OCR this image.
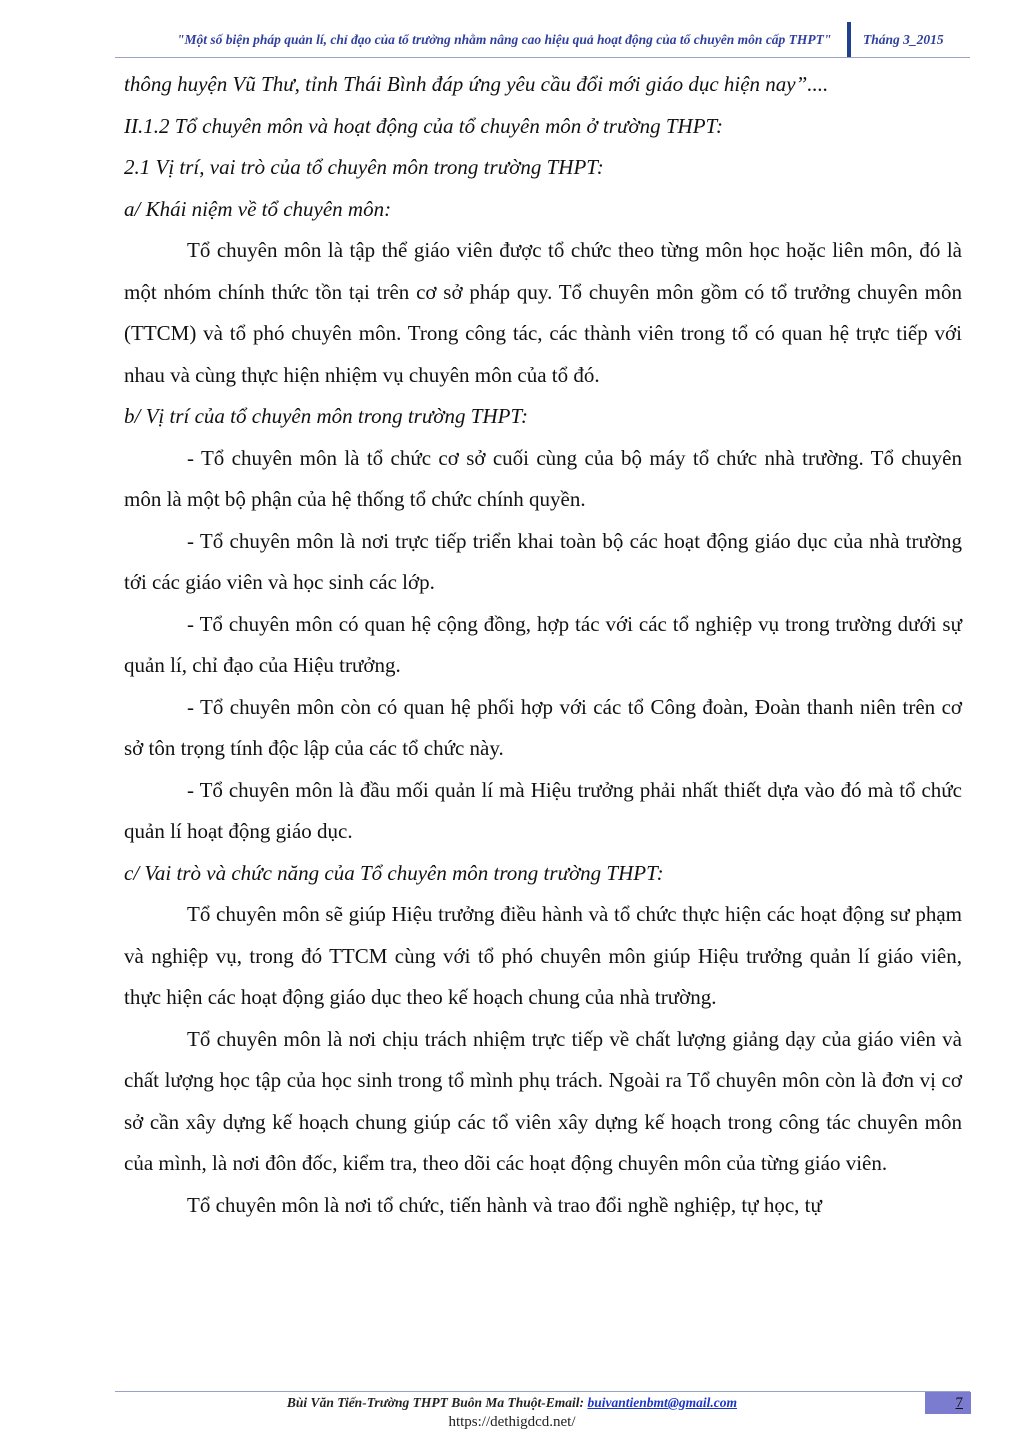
"Một số biện pháp quản lí, chỉ đạo của tổ trưởng nhằm nâng cao hiệu quả hoạt động của tổ chuyên môn cấp THPT" Tháng 3_2015

thông huyện Vũ Thư, tỉnh Thái Bình đáp ứng yêu cầu đổi mới giáo dục hiện nay”....

II.1.2 Tổ chuyên môn và hoạt động của tổ chuyên môn ở trường THPT:

2.1 Vị trí, vai trò của tổ chuyên môn trong trường THPT:

a/ Khái niệm về tổ chuyên môn:

Tổ chuyên môn là tập thể giáo viên được tổ chức theo từng môn học hoặc liên môn, đó là một nhóm chính thức tồn tại trên cơ sở pháp quy. Tổ chuyên môn gồm có tổ trưởng chuyên môn (TTCM) và tổ phó chuyên môn. Trong công tác, các thành viên trong tổ có quan hệ trực tiếp với nhau và cùng thực hiện nhiệm vụ chuyên môn của tổ đó.

b/ Vị trí của tổ chuyên môn trong trường THPT:

- Tổ chuyên môn là tổ chức cơ sở cuối cùng của bộ máy tổ chức nhà trường. Tổ chuyên môn là một bộ phận của hệ thống tổ chức chính quyền.

- Tổ chuyên môn là nơi trực tiếp triển khai toàn bộ các hoạt động giáo dục của nhà trường tới các giáo viên và học sinh các lớp.

- Tổ chuyên môn có quan hệ cộng đồng, hợp tác với các tổ nghiệp vụ trong trường dưới sự quản lí, chỉ đạo của Hiệu trưởng.

- Tổ chuyên môn còn có quan hệ phối hợp với các tổ Công đoàn, Đoàn thanh niên trên cơ sở tôn trọng tính độc lập của các tổ chức này.

- Tổ chuyên môn là đầu mối quản lí mà Hiệu trưởng phải nhất thiết dựa vào đó mà tổ chức quản lí hoạt động giáo dục.

c/ Vai trò và chức năng của Tổ chuyên môn trong trường THPT:

Tổ chuyên môn sẽ giúp Hiệu trưởng điều hành và tổ chức thực hiện các hoạt động sư phạm và nghiệp vụ, trong đó TTCM cùng với tổ phó chuyên môn giúp Hiệu trưởng quản lí giáo viên, thực hiện các hoạt động giáo dục theo kế hoạch chung của nhà trường.

Tổ chuyên môn là nơi chịu trách nhiệm trực tiếp về chất lượng giảng dạy của giáo viên và chất lượng học tập của học sinh trong tổ mình phụ trách. Ngoài ra Tổ chuyên môn còn là đơn vị cơ sở cần xây dựng kế hoạch chung giúp các tổ viên xây dựng kế hoạch trong công tác chuyên môn của mình, là nơi đôn đốc, kiểm tra, theo dõi các hoạt động chuyên môn của từng giáo viên.

Tổ chuyên môn là nơi tổ chức, tiến hành và trao đổi nghề nghiệp, tự học, tự

Bùi Văn Tiến-Trường THPT Buôn Ma Thuột-Email: buivantienbmt@gmail.com	7
https://dethigdcd.net/
